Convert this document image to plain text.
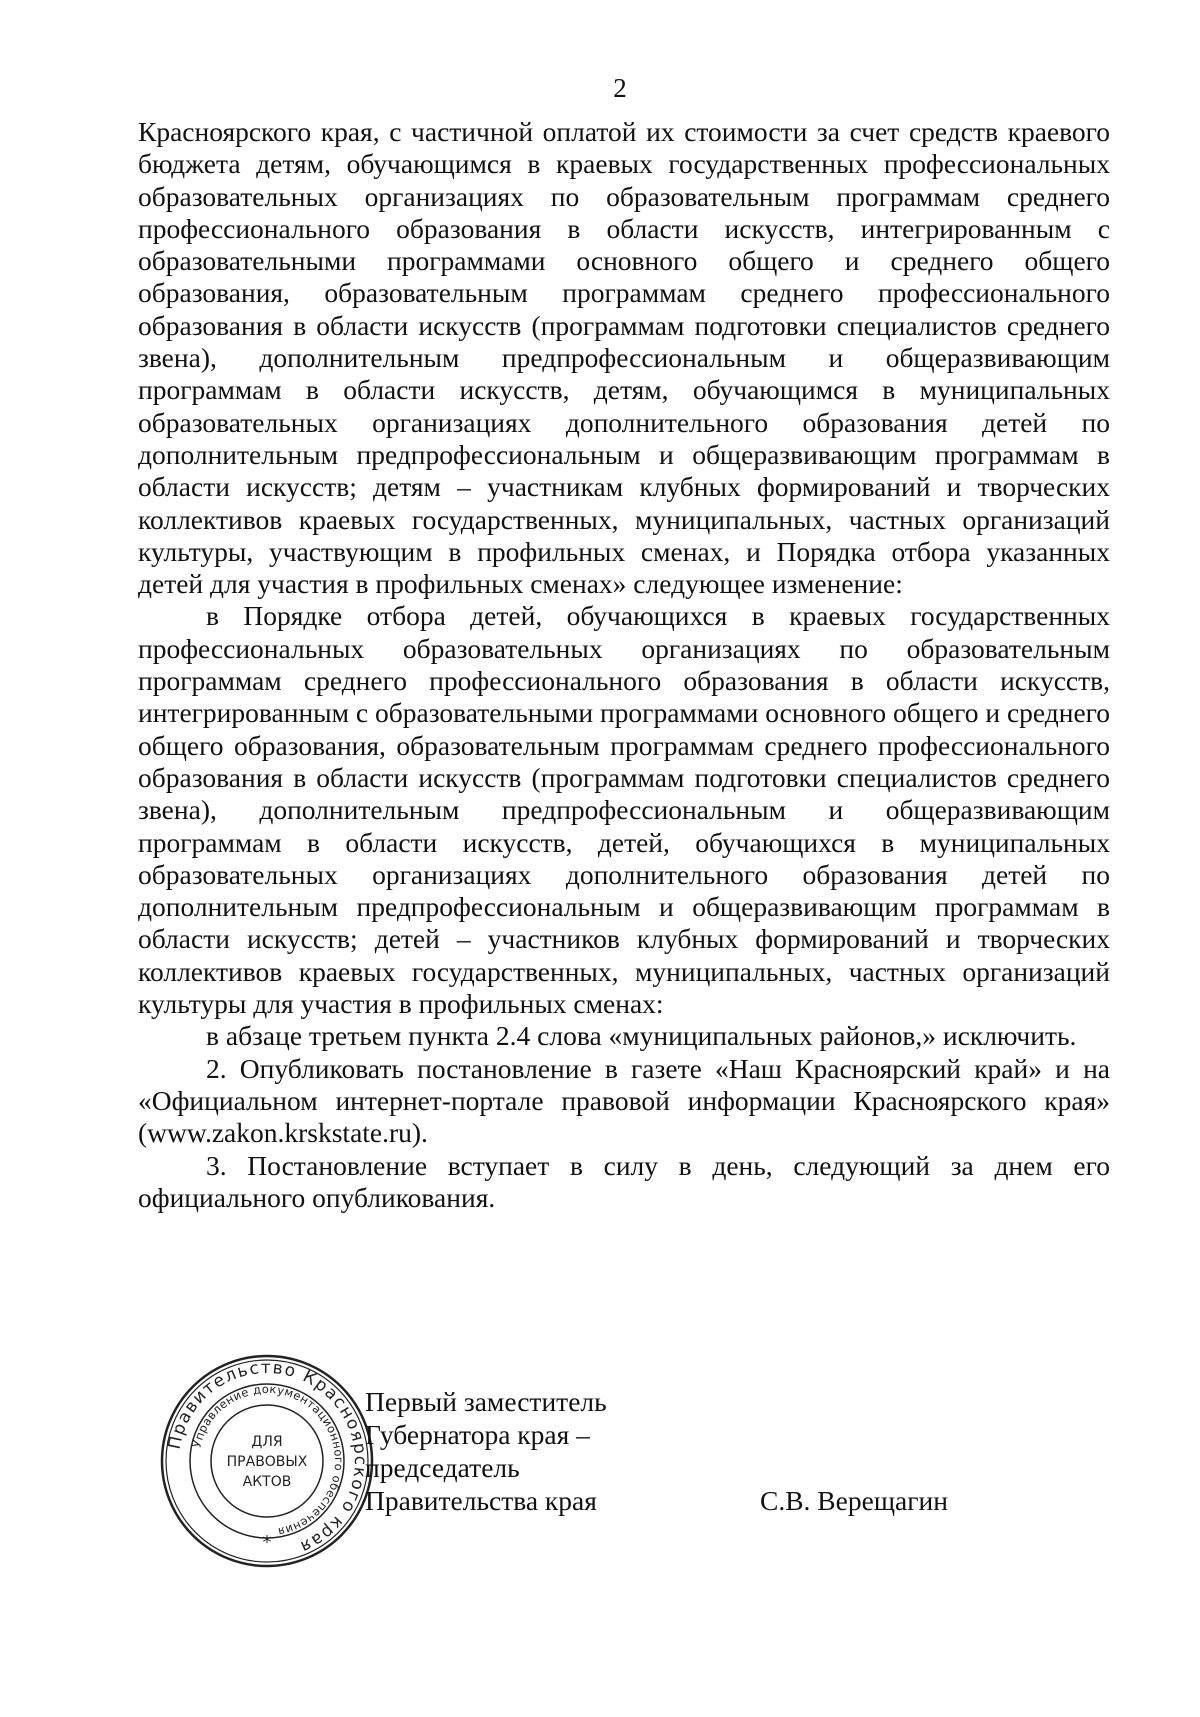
2

Красноярского края, с частичной оплатой их стоимости за счет средств краевого бюджета детям, обучающимся в краевых государственных профессиональных образовательных организациях по образовательным программам среднего профессионального образования в области искусств, интегрированным с образовательными программами основного общего и среднего общего образования, образовательным программам среднего профессионального образования в области искусств (программам подготовки специалистов среднего звена), дополнительным предпрофессиональным и общеразвивающим программам в области искусств, детям, обучающимся в муниципальных образовательных организациях дополнительного образования детей по дополнительным предпрофессиональным и общеразвивающим программам в области искусств; детям – участникам клубных формирований и творческих коллективов краевых государственных, муниципальных, частных организаций культуры, участвующим в профильных сменах, и Порядка отбора указанных детей для участия в профильных сменах» следующее изменение:

в Порядке отбора детей, обучающихся в краевых государственных профессиональных образовательных организациях по образовательным программам среднего профессионального образования в области искусств, интегрированным с образовательными программами основного общего и среднего общего образования, образовательным программам среднего профессионального образования в области искусств (программам подготовки специалистов среднего звена), дополнительным предпрофессиональным и общеразвивающим программам в области искусств, детей, обучающихся в муниципальных образовательных организациях дополнительного образования детей по дополнительным предпрофессиональным и общеразвивающим программам в области искусств; детей – участников клубных формирований и творческих коллективов краевых государственных, муниципальных, частных организаций культуры для участия в профильных сменах:

в абзаце третьем пункта 2.4 слова «муниципальных районов,» исключить.

2. Опубликовать постановление в газете «Наш Красноярский край» и на «Официальном интернет-портале правовой информации Красноярского края» (www.zakon.krskstate.ru).

3. Постановление вступает в силу в день, следующий за днем его официального опубликования.

Правительство Красноярского края
Управление документационного обеспечения
ДЛЯ
ПРАВОВЫХ
АКТОВ
*
Первый заместитель
Губернатора края –
председатель
Правительства края	С.В. Верещагин
